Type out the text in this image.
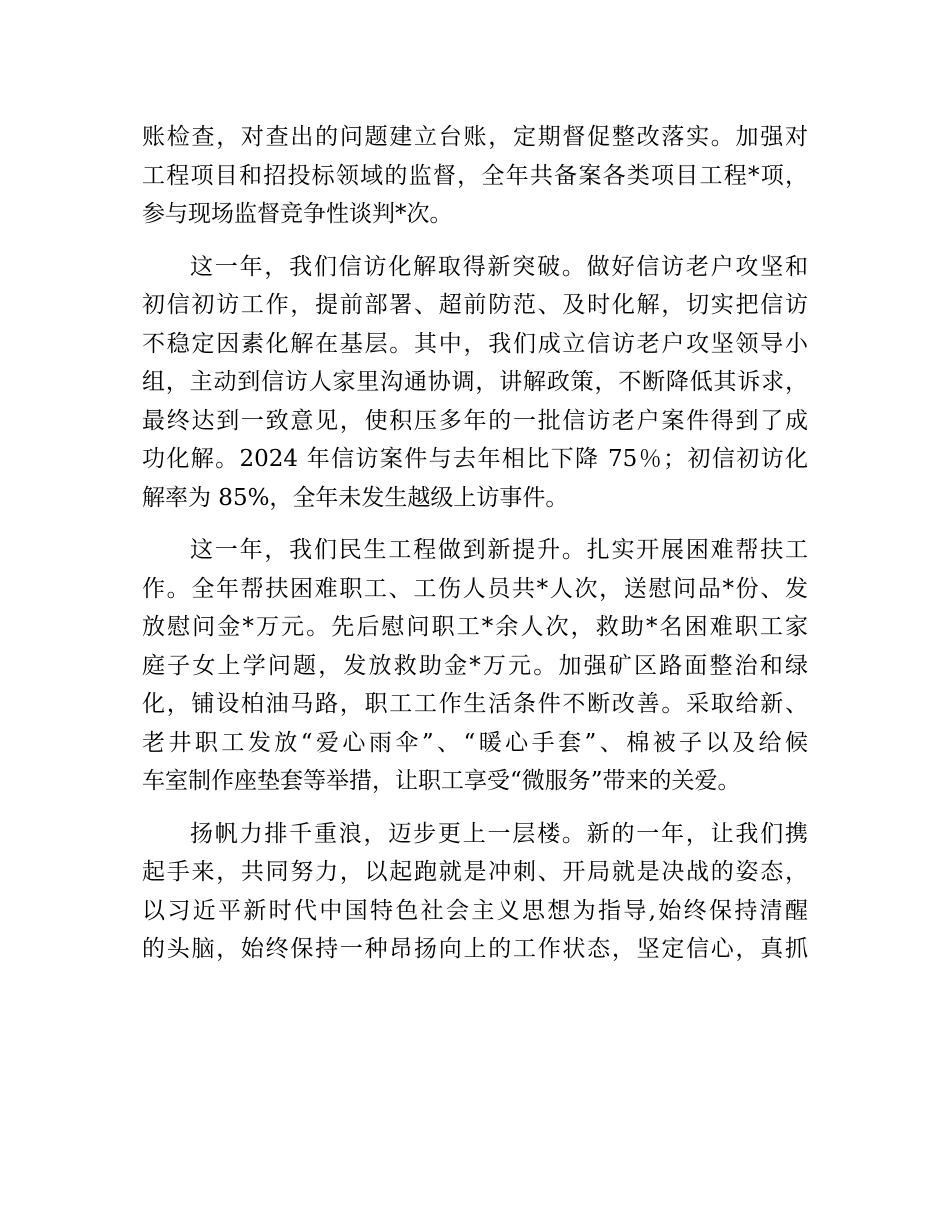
账检查，对查出的问题建立台账，定期督促整改落实。加强对
工程项目和招投标领域的监督，全年共备案各类项目工程*项，
参与现场监督竞争性谈判*次。
这一年，我们信访化解取得新突破。做好信访老户攻坚和
初信初访工作，提前部署、超前防范、及时化解，切实把信访
不稳定因素化解在基层。其中，我们成立信访老户攻坚领导小
组，主动到信访人家里沟通协调，讲解政策，不断降低其诉求，
最终达到一致意见，使积压多年的一批信访老户案件得到了成
功化解。2024 年信访案件与去年相比下降 75％；初信初访化
解率为 85%，全年未发生越级上访事件。
这一年，我们民生工程做到新提升。扎实开展困难帮扶工
作。全年帮扶困难职工、工伤人员共*人次，送慰问品*份、发
放慰问金*万元。先后慰问职工*余人次，救助*名困难职工家
庭子女上学问题，发放救助金*万元。加强矿区路面整治和绿
化，铺设柏油马路，职工工作生活条件不断改善。采取给新、
老井职工发放“爱心雨伞”、“暖心手套”、棉被子以及给候
车室制作座垫套等举措，让职工享受“微服务”带来的关爱。
扬帆力排千重浪，迈步更上一层楼。新的一年，让我们携
起手来，共同努力，以起跑就是冲刺、开局就是决战的姿态，
以习近平新时代中国特色社会主义思想为指导,始终保持清醒
的头脑，始终保持一种昂扬向上的工作状态，坚定信心，真抓
